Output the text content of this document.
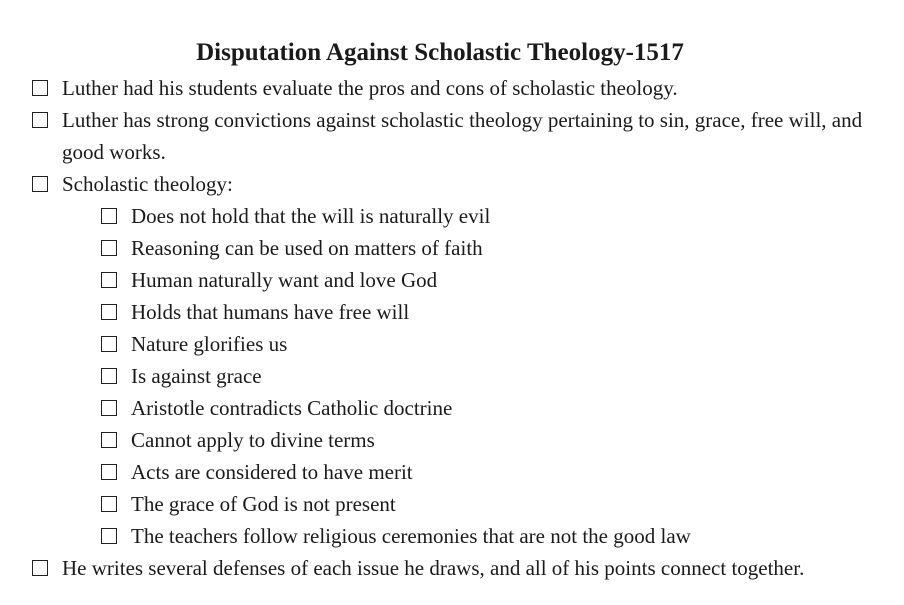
Disputation Against Scholastic Theology-1517
Luther had his students evaluate the pros and cons of scholastic theology.
Luther has strong convictions against scholastic theology pertaining to sin, grace, free will, and good works.
Scholastic theology:
Does not hold that the will is naturally evil
Reasoning can be used on matters of faith
Human naturally want and love God
Holds that humans have free will
Nature glorifies us
Is against grace
Aristotle contradicts Catholic doctrine
Cannot apply to divine terms
Acts are considered to have merit
The grace of God is not present
The teachers follow religious ceremonies that are not the good law
He writes several defenses of each issue he draws, and all of his points connect together.
